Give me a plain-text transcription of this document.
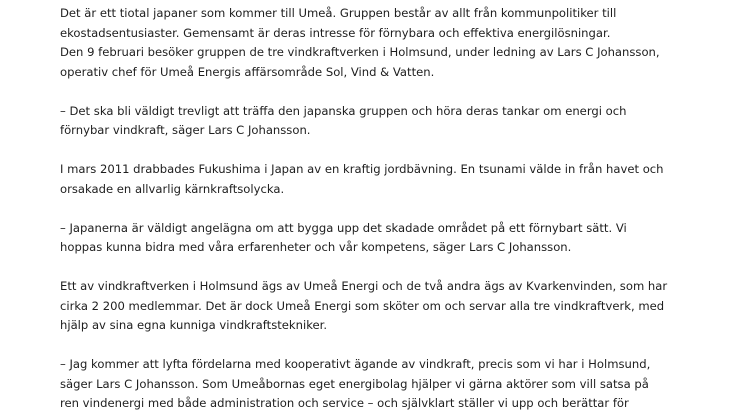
Det är ett tiotal japaner som kommer till Umeå. Gruppen består av allt från kommunpolitiker till
ekostadsentusiaster. Gemensamt är deras intresse för förnybara och effektiva energilösningar.
Den 9 februari besöker gruppen de tre vindkraftverken i Holmsund, under ledning av Lars C Johansson,
operativ chef för Umeå Energis affärsområde Sol, Vind & Vatten.

– Det ska bli väldigt trevligt att träffa den japanska gruppen och höra deras tankar om energi och
förnybar vindkraft, säger Lars C Johansson.

I mars 2011 drabbades Fukushima i Japan av en kraftig jordbävning. En tsunami välde in från havet och
orsakade en allvarlig kärnkraftsolycka.

– Japanerna är väldigt angelägna om att bygga upp det skadade området på ett förnybart sätt. Vi
hoppas kunna bidra med våra erfarenheter och vår kompetens, säger Lars C Johansson.

Ett av vindkraftverken i Holmsund ägs av Umeå Energi och de två andra ägs av Kvarkenvinden, som har
cirka 2 200 medlemmar. Det är dock Umeå Energi som sköter om och servar alla tre vindkraftverk, med
hjälp av sina egna kunniga vindkraftstekniker.

– Jag kommer att lyfta fördelarna med kooperativt ägande av vindkraft, precis som vi har i Holmsund,
säger Lars C Johansson. Som Umeåbornas eget energibolag hjälper vi gärna aktörer som vill satsa på
ren vindenergi med både administration och service – och självklart ställer vi upp och berättar för
